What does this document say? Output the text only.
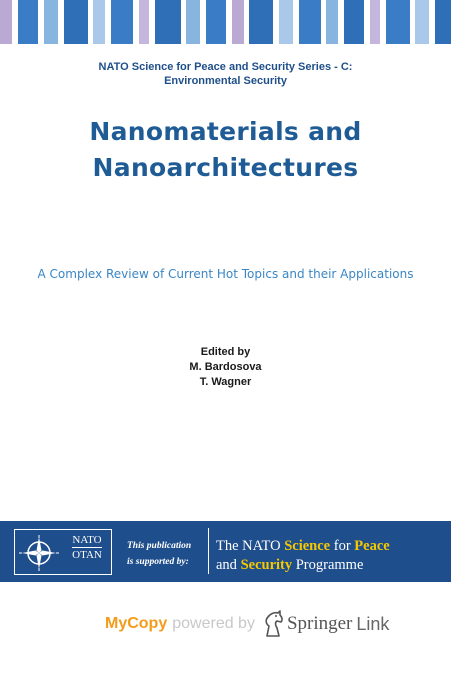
NATO Science for Peace and Security Series - C:
Environmental Security
Nanomaterials and
Nanoarchitectures
A Complex Review of Current Hot Topics and their Applications
Edited by
M. Bardosova
T. Wagner
NATO
OTAN
This publication
is supported by:
The NATO Science for Peace
and Security Programme
MyCopy powered by Springer Link
